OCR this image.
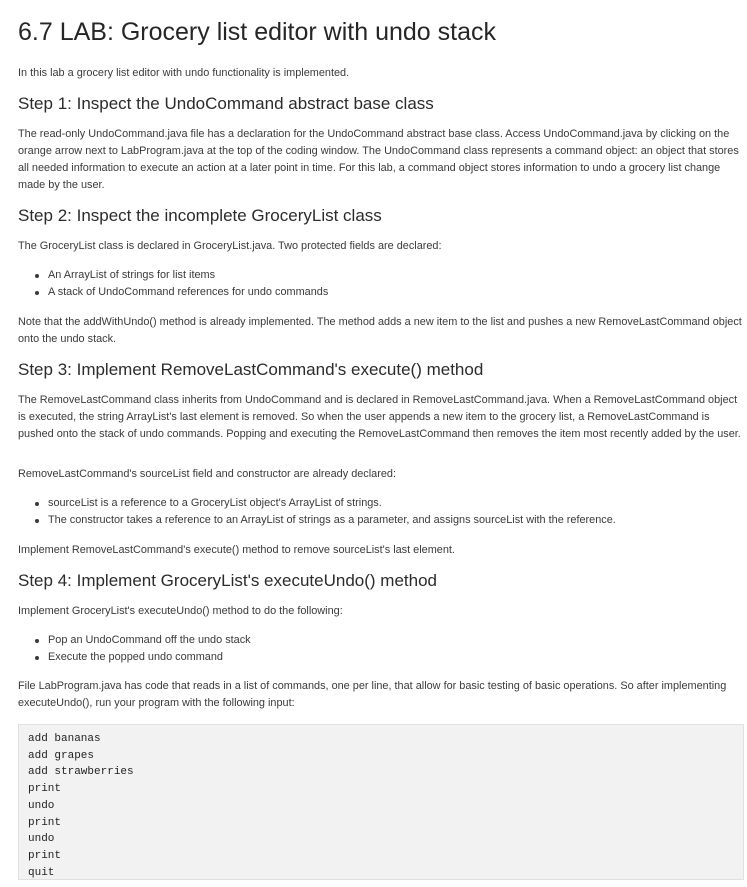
6.7 LAB: Grocery list editor with undo stack

In this lab a grocery list editor with undo functionality is implemented.

Step 1: Inspect the UndoCommand abstract base class

The read-only UndoCommand.java file has a declaration for the UndoCommand abstract base class. Access UndoCommand.java by clicking on the orange arrow next to LabProgram.java at the top of the coding window. The UndoCommand class represents a command object: an object that stores all needed information to execute an action at a later point in time. For this lab, a command object stores information to undo a grocery list change made by the user.

Step 2: Inspect the incomplete GroceryList class

The GroceryList class is declared in GroceryList.java. Two protected fields are declared:

An ArrayList of strings for list items
A stack of UndoCommand references for undo commands

Note that the addWithUndo() method is already implemented. The method adds a new item to the list and pushes a new RemoveLastCommand object onto the undo stack.

Step 3: Implement RemoveLastCommand's execute() method

The RemoveLastCommand class inherits from UndoCommand and is declared in RemoveLastCommand.java. When a RemoveLastCommand object is executed, the string ArrayList's last element is removed. So when the user appends a new item to the grocery list, a RemoveLastCommand is pushed onto the stack of undo commands. Popping and executing the RemoveLastCommand then removes the item most recently added by the user.

RemoveLastCommand's sourceList field and constructor are already declared:

sourceList is a reference to a GroceryList object's ArrayList of strings.
The constructor takes a reference to an ArrayList of strings as a parameter, and assigns sourceList with the reference.

Implement RemoveLastCommand's execute() method to remove sourceList's last element.

Step 4: Implement GroceryList's executeUndo() method

Implement GroceryList's executeUndo() method to do the following:

Pop an UndoCommand off the undo stack
Execute the popped undo command

File LabProgram.java has code that reads in a list of commands, one per line, that allow for basic testing of basic operations. So after implementing executeUndo(), run your program with the following input:

add bananas
add grapes
add strawberries
print
undo
print
undo
print
quit
